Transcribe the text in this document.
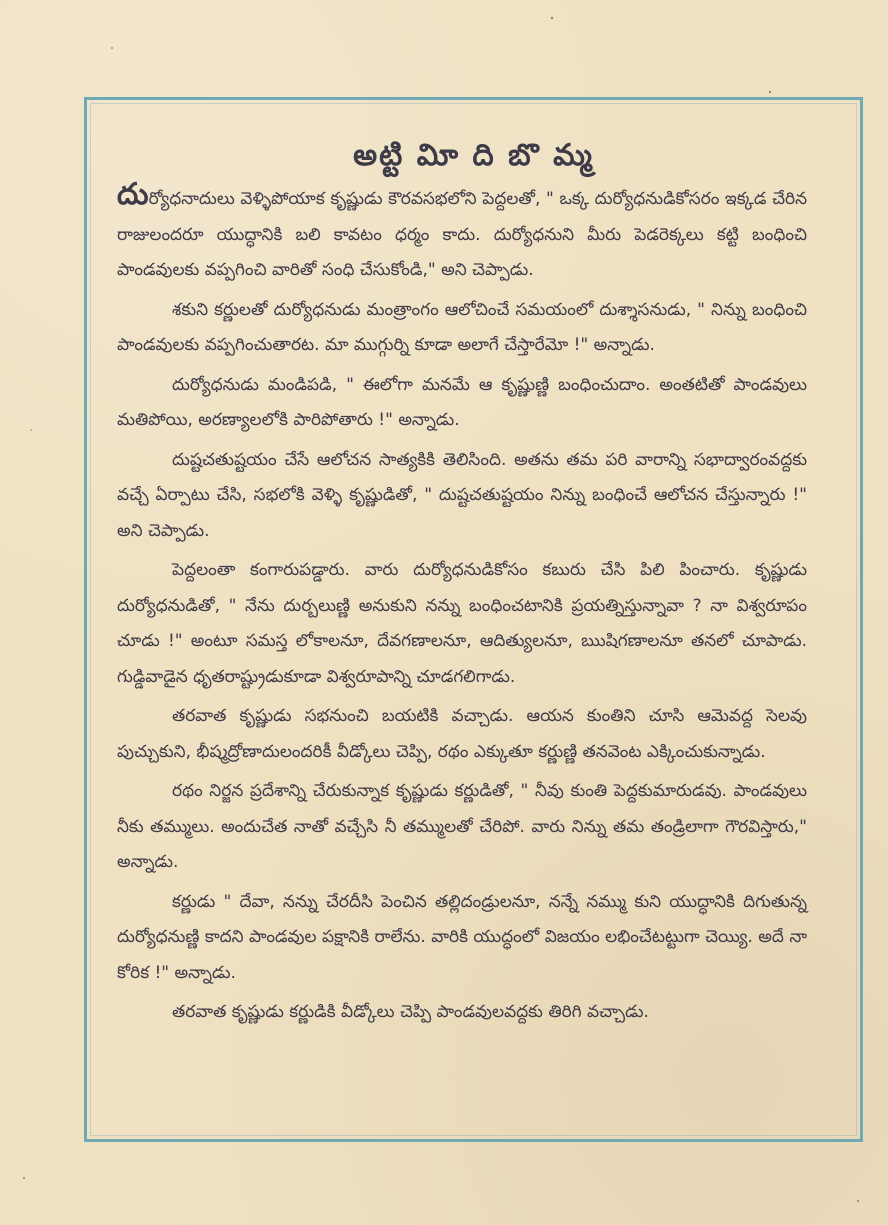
అట్టి విూ ది బొ మ్మ

దుర్యోధనాదులు వెళ్ళిపోయాక కృష్ణుడు కౌరవసభలోని పెద్దలతో, " ఒక్క దుర్యోధనుడికోసరం ఇక్కడ చేరిన రాజులందరూ యుద్ధానికి బలి కావటం ధర్మం కాదు. దుర్యోధనుని మీరు పెడరెక్కలు కట్టి బంధించి పాండవులకు వప్పగించి వారితో సంధి చేసుకోండి," అని చెప్పాడు.

శకుని కర్ణులతో దుర్యోధనుడు మంత్రాంగం ఆలోచించే సమయంలో దుశ్శాసనుడు, " నిన్ను బంధించి పాండవులకు వప్పగించుతారట. మా ముగ్గుర్ని కూడా అలాగే చేస్తారేమో !" అన్నాడు.

దుర్యోధనుడు మండిపడి, " ఈలోగా మనమే ఆ కృష్ణుణ్ణి బంధించుదాం. అంతటితో పాండవులు మతిపోయి, అరణ్యాలలోకి పారిపోతారు !" అన్నాడు.

దుష్టచతుష్టయం చేసే ఆలోచన సాత్యకికి తెలిసింది. అతను తమ పరి వారాన్ని సభాద్వారంవద్దకు వచ్చే ఏర్పాటు చేసి, సభలోకి వెళ్ళి కృష్ణుడితో, " దుష్టచతుష్టయం నిన్ను బంధించే ఆలోచన చేస్తున్నారు !" అని చెప్పాడు.

పెద్దలంతా కంగారుపడ్డారు. వారు దుర్యోధనుడికోసం కబురు చేసి పిలి పించారు. కృష్ణుడు దుర్యోధనుడితో, " నేను దుర్బలుణ్ణి అనుకుని నన్ను బంధించటానికి ప్రయత్నిస్తున్నావా ? నా విశ్వరూపం చూడు !" అంటూ సమస్త లోకాలనూ, దేవగణాలనూ, ఆదిత్యులనూ, ఋషిగణాలనూ తనలో చూపాడు. గుడ్డివాడైన ధృతరాష్ట్రుడుకూడా విశ్వరూపాన్ని చూడగలిగాడు.

తరవాత కృష్ణుడు సభనుంచి బయటికి వచ్చాడు. ఆయన కుంతిని చూసి ఆమెవద్ద సెలవు పుచ్చుకుని, భీష్మద్రోణాదులందరికీ వీడ్కోలు చెప్పి, రథం ఎక్కుతూ కర్ణుణ్ణి తనవెంట ఎక్కించుకున్నాడు.

రథం నిర్జన ప్రదేశాన్ని చేరుకున్నాక కృష్ణుడు కర్ణుడితో, " నీవు కుంతి పెద్దకుమారుడవు. పాండవులు నీకు తమ్ములు. అందుచేత నాతో వచ్చేసి నీ తమ్ములతో చేరిపో. వారు నిన్ను తమ తండ్రిలాగా గౌరవిస్తారు," అన్నాడు.

కర్ణుడు " దేవా, నన్ను చేరదీసి పెంచిన తల్లిదండ్రులనూ, నన్నే నమ్ము కుని యుద్ధానికి దిగుతున్న దుర్యోధనుణ్ణి కాదని పాండవుల పక్షానికి రాలేను. వారికి యుద్ధంలో విజయం లభించేటట్టుగా చెయ్యి. అదే నా కోరిక !" అన్నాడు.

తరవాత కృష్ణుడు కర్ణుడికి వీడ్కోలు చెప్పి పాండవులవద్దకు తిరిగి వచ్చాడు.
